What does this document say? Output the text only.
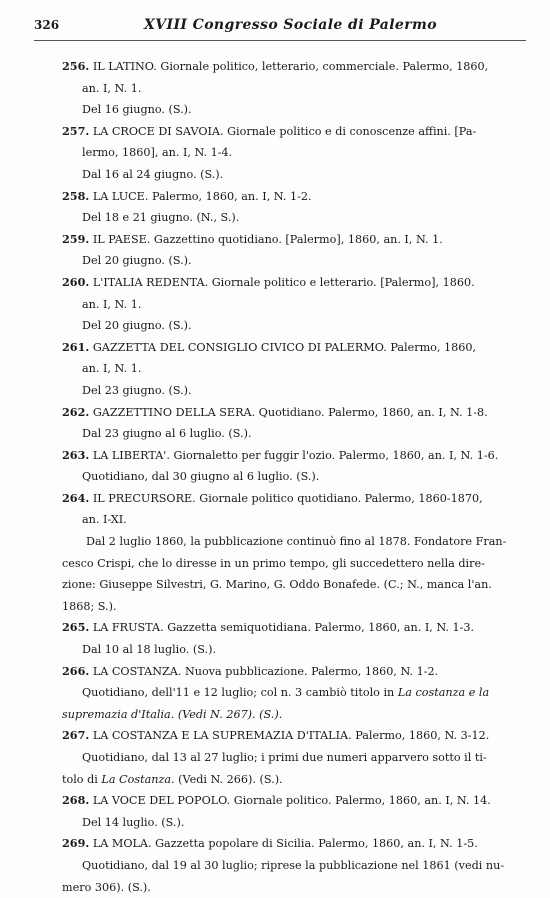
326	XVIII Congresso Sociale di Palermo
256. IL LATINO. Giornale politico, letterario, commerciale. Palermo, 1860,
an. I, N. 1.
Del 16 giugno. (S.).
257. LA CROCE DI SAVOIA. Giornale politico e di conoscenze affini. [Pa-
lermo, 1860], an. I, N. 1-4.
Dal 16 al 24 giugno. (S.).
258. LA LUCE. Palermo, 1860, an. I, N. 1-2.
Del 18 e 21 giugno. (N., S.).
259. IL PAESE. Gazzettino quotidiano. [Palermo], 1860, an. I, N. 1.
Del 20 giugno. (S.).
260. L'ITALIA REDENTA. Giornale politico e letterario. [Palermo], 1860.
an. I, N. 1.
Del 20 giugno. (S.).
261. GAZZETTA DEL CONSIGLIO CIVICO DI PALERMO. Palermo, 1860,
an. I, N. 1.
Del 23 giugno. (S.).
262. GAZZETTINO DELLA SERA. Quotidiano. Palermo, 1860, an. I, N. 1-8.
Dal 23 giugno al 6 luglio. (S.).
263. LA LIBERTA'. Giornaletto per fuggir l'ozio. Palermo, 1860, an. I, N. 1-6.
Quotidiano, dal 30 giugno al 6 luglio. (S.).
264. IL PRECURSORE. Giornale politico quotidiano. Palermo, 1860-1870,
an. I-XI.
Dal 2 luglio 1860, la pubblicazione continuò fino al 1878. Fondatore Fran-
cesco Crispi, che lo diresse in un primo tempo, gli succedettero nella dire-
zione: Giuseppe Silvestri, G. Marino, G. Oddo Bonafede. (C.; N., manca l'an.
1868; S.).
265. LA FRUSTA. Gazzetta semiquotidiana. Palermo, 1860, an. I, N. 1-3.
Dal 10 al 18 luglio. (S.).
266. LA COSTANZA. Nuova pubblicazione. Palermo, 1860, N. 1-2.
Quotidiano, dell'11 e 12 luglio; col n. 3 cambiò titolo in La costanza e la
supremazia d'Italia. (Vedi N. 267). (S.).
267. LA COSTANZA E LA SUPREMAZIA D'ITALIA. Palermo, 1860, N. 3-12.
Quotidiano, dal 13 al 27 luglio; i primi due numeri apparvero sotto il ti-
tolo di La Costanza. (Vedi N. 266). (S.).
268. LA VOCE DEL POPOLO. Giornale politico. Palermo, 1860, an. I, N. 14.
Del 14 luglio. (S.).
269. LA MOLA. Gazzetta popolare di Sicilia. Palermo, 1860, an. I, N. 1-5.
Quotidiano, dal 19 al 30 luglio; riprese la pubblicazione nel 1861 (vedi nu-
mero 306). (S.).
